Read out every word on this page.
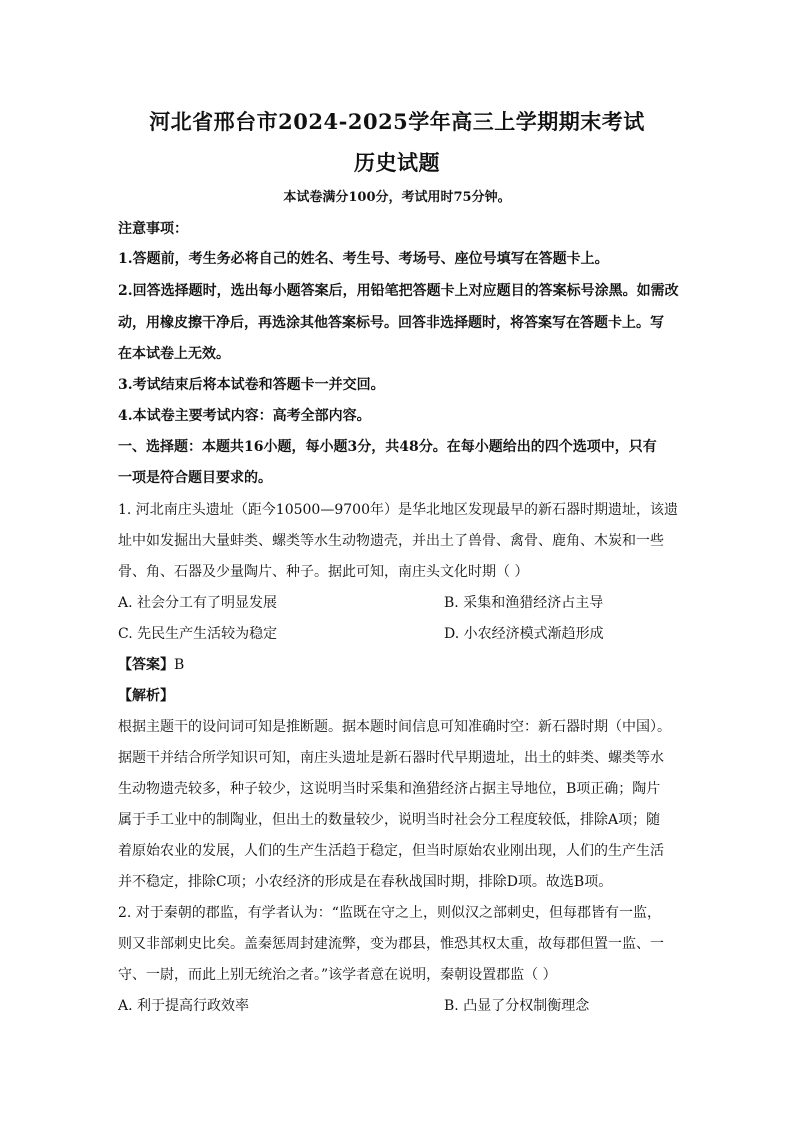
河北省邢台市2024-2025学年高三上学期期末考试
历史试题
本试卷满分100分，考试用时75分钟。
注意事项：
1.答题前，考生务必将自己的姓名、考生号、考场号、座位号填写在答题卡上。
2.回答选择题时，选出每小题答案后，用铅笔把答题卡上对应题目的答案标号涂黑。如需改
动，用橡皮擦干净后，再选涂其他答案标号。回答非选择题时，将答案写在答题卡上。写
在本试卷上无效。
3.考试结束后将本试卷和答题卡一并交回。
4.本试卷主要考试内容：高考全部内容。
一、选择题：本题共16小题，每小题3分，共48分。在每小题给出的四个选项中，只有
一项是符合题目要求的。
1. 河北南庄头遗址（距今10500—9700年）是华北地区发现最早的新石器时期遗址，该遗
址中如发掘出大量蚌类、螺类等水生动物遗壳，并出土了兽骨、禽骨、鹿角、木炭和一些
骨、角、石器及少量陶片、种子。据此可知，南庄头文化时期（ ）
A. 社会分工有了明显发展	B. 采集和渔猎经济占主导
C. 先民生产生活较为稳定	D. 小农经济模式渐趋形成
【答案】B
【解析】
根据主题干的设问词可知是推断题。据本题时间信息可知准确时空：新石器时期（中国）。
据题干并结合所学知识可知，南庄头遗址是新石器时代早期遗址，出土的蚌类、螺类等水
生动物遗壳较多，种子较少，这说明当时采集和渔猎经济占据主导地位，B项正确；陶片
属于手工业中的制陶业，但出土的数量较少，说明当时社会分工程度较低，排除A项；随
着原始农业的发展，人们的生产生活趋于稳定，但当时原始农业刚出现，人们的生产生活
并不稳定，排除C项；小农经济的形成是在春秋战国时期，排除D项。故选B项。
2. 对于秦朝的郡监，有学者认为：“监既在守之上，则似汉之部刺史，但每郡皆有一监，
则又非部刺史比矣。盖秦惩周封建流弊，变为郡县，惟恐其权太重，故每郡但置一监、一
守、一尉，而此上别无统治之者。”该学者意在说明，秦朝设置郡监（ ）
A. 利于提高行政效率	B. 凸显了分权制衡理念
